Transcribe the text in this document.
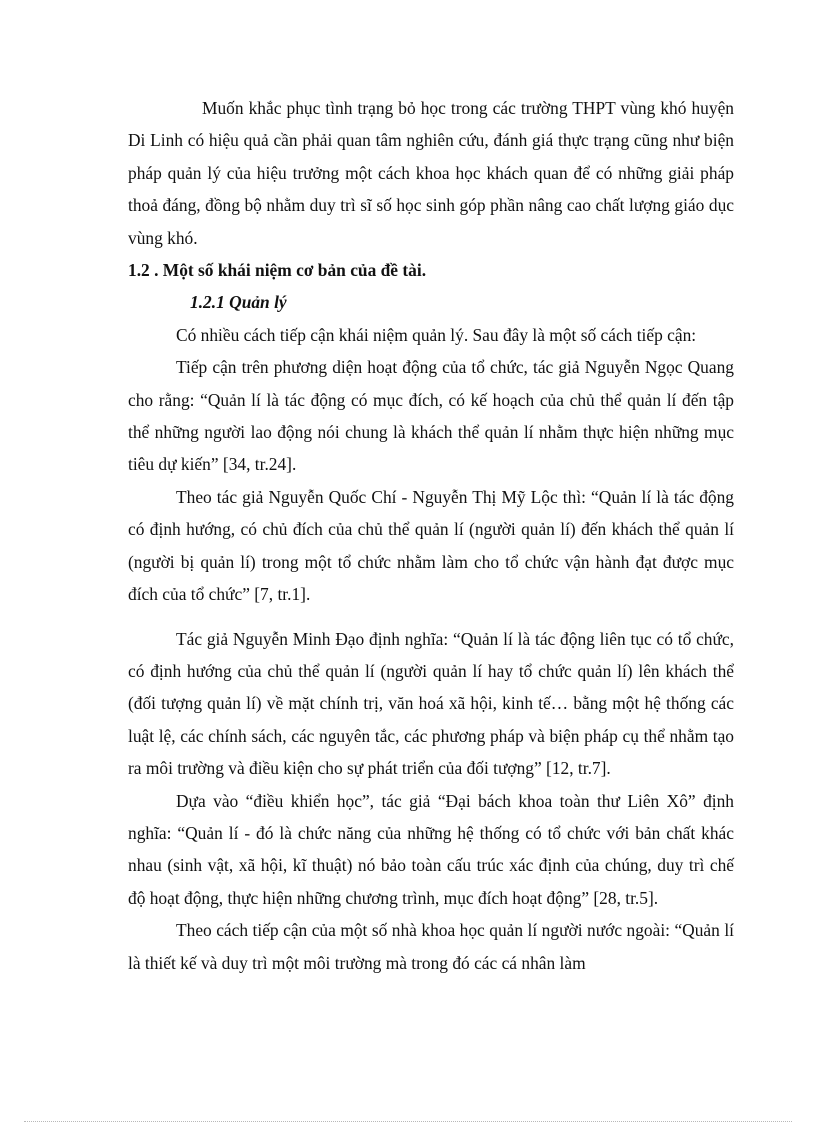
Muốn khắc phục tình trạng bỏ học trong các trường THPT vùng khó huyện Di Linh có hiệu quả cần phải quan tâm nghiên cứu, đánh giá thực trạng cũng như biện pháp quản lý của hiệu trưởng một cách khoa học khách quan để có những giải pháp thoả đáng, đồng bộ nhằm duy trì sĩ số học sinh góp phần nâng cao chất lượng giáo dục vùng khó.

1.2 . Một số khái niệm cơ bản của đề tài.

1.2.1 Quản lý

Có nhiều cách tiếp cận khái niệm quản lý. Sau đây là một số cách tiếp cận:

Tiếp cận trên phương diện hoạt động của tổ chức, tác giả Nguyễn Ngọc Quang cho rằng: “Quản lí là tác động có mục đích, có kế hoạch của chủ thể quản lí đến tập thể những người lao động nói chung là khách thể quản lí nhằm thực hiện những mục tiêu dự kiến” [34, tr.24].

Theo tác giả Nguyễn Quốc Chí - Nguyễn Thị Mỹ Lộc thì: “Quản lí là tác động có định hướng, có chủ đích của chủ thể quản lí (người quản lí) đến khách thể quản lí (người bị quản lí) trong một tổ chức nhằm làm cho tổ chức vận hành đạt được mục đích của tổ chức” [7, tr.1].

Tác giả Nguyễn Minh Đạo định nghĩa: “Quản lí là tác động liên tục có tổ chức, có định hướng của chủ thể quản lí (người quản lí hay tổ chức quản lí) lên khách thể (đối tượng quản lí) về mặt chính trị, văn hoá xã hội, kinh tế… bằng một hệ thống các luật lệ, các chính sách, các nguyên tắc, các phương pháp và biện pháp cụ thể nhằm tạo ra môi trường và điều kiện cho sự phát triển của đối tượng” [12, tr.7].

Dựa vào “điều khiển học”, tác giả “Đại bách khoa toàn thư Liên Xô” định nghĩa: “Quản lí - đó là chức năng của những hệ thống có tổ chức với bản chất khác nhau (sinh vật, xã hội, kĩ thuật) nó bảo toàn cấu trúc xác định của chúng, duy trì chế độ hoạt động, thực hiện những chương trình, mục đích hoạt động” [28, tr.5].

Theo cách tiếp cận của một số nhà khoa học quản lí người nước ngoài: “Quản lí là thiết kế và duy trì một môi trường mà trong đó các cá nhân làm
